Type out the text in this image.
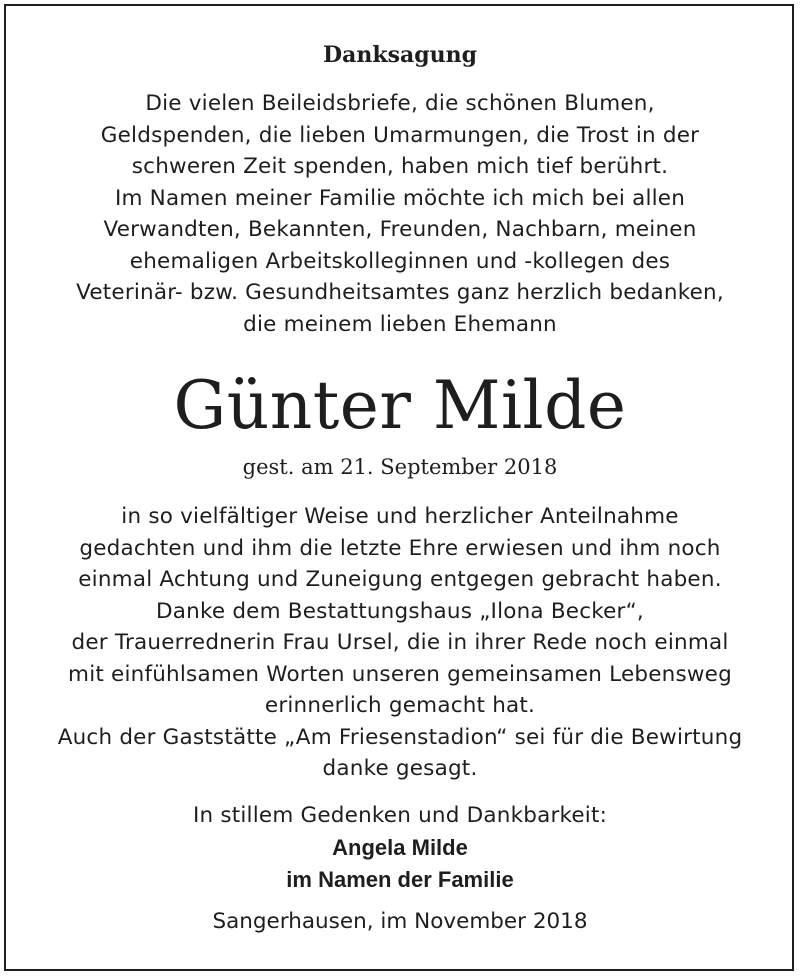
Danksagung
Die vielen Beileidsbriefe, die schönen Blumen,
Geldspenden, die lieben Umarmungen, die Trost in der
schweren Zeit spenden, haben mich tief berührt.
Im Namen meiner Familie möchte ich mich bei allen
Verwandten, Bekannten, Freunden, Nachbarn, meinen
ehemaligen Arbeitskolleginnen und -kollegen des
Veterinär- bzw. Gesundheitsamtes ganz herzlich bedanken,
die meinem lieben Ehemann
Günter Milde
gest. am 21. September 2018
in so vielfältiger Weise und herzlicher Anteilnahme
gedachten und ihm die letzte Ehre erwiesen und ihm noch
einmal Achtung und Zuneigung entgegen gebracht haben.
Danke dem Bestattungshaus „Ilona Becker“,
der Trauerrednerin Frau Ursel, die in ihrer Rede noch einmal
mit einfühlsamen Worten unseren gemeinsamen Lebensweg
erinnerlich gemacht hat.
Auch der Gaststätte „Am Friesenstadion“ sei für die Bewirtung
danke gesagt.
In stillem Gedenken und Dankbarkeit:
Angela Milde
im Namen der Familie
Sangerhausen, im November 2018
